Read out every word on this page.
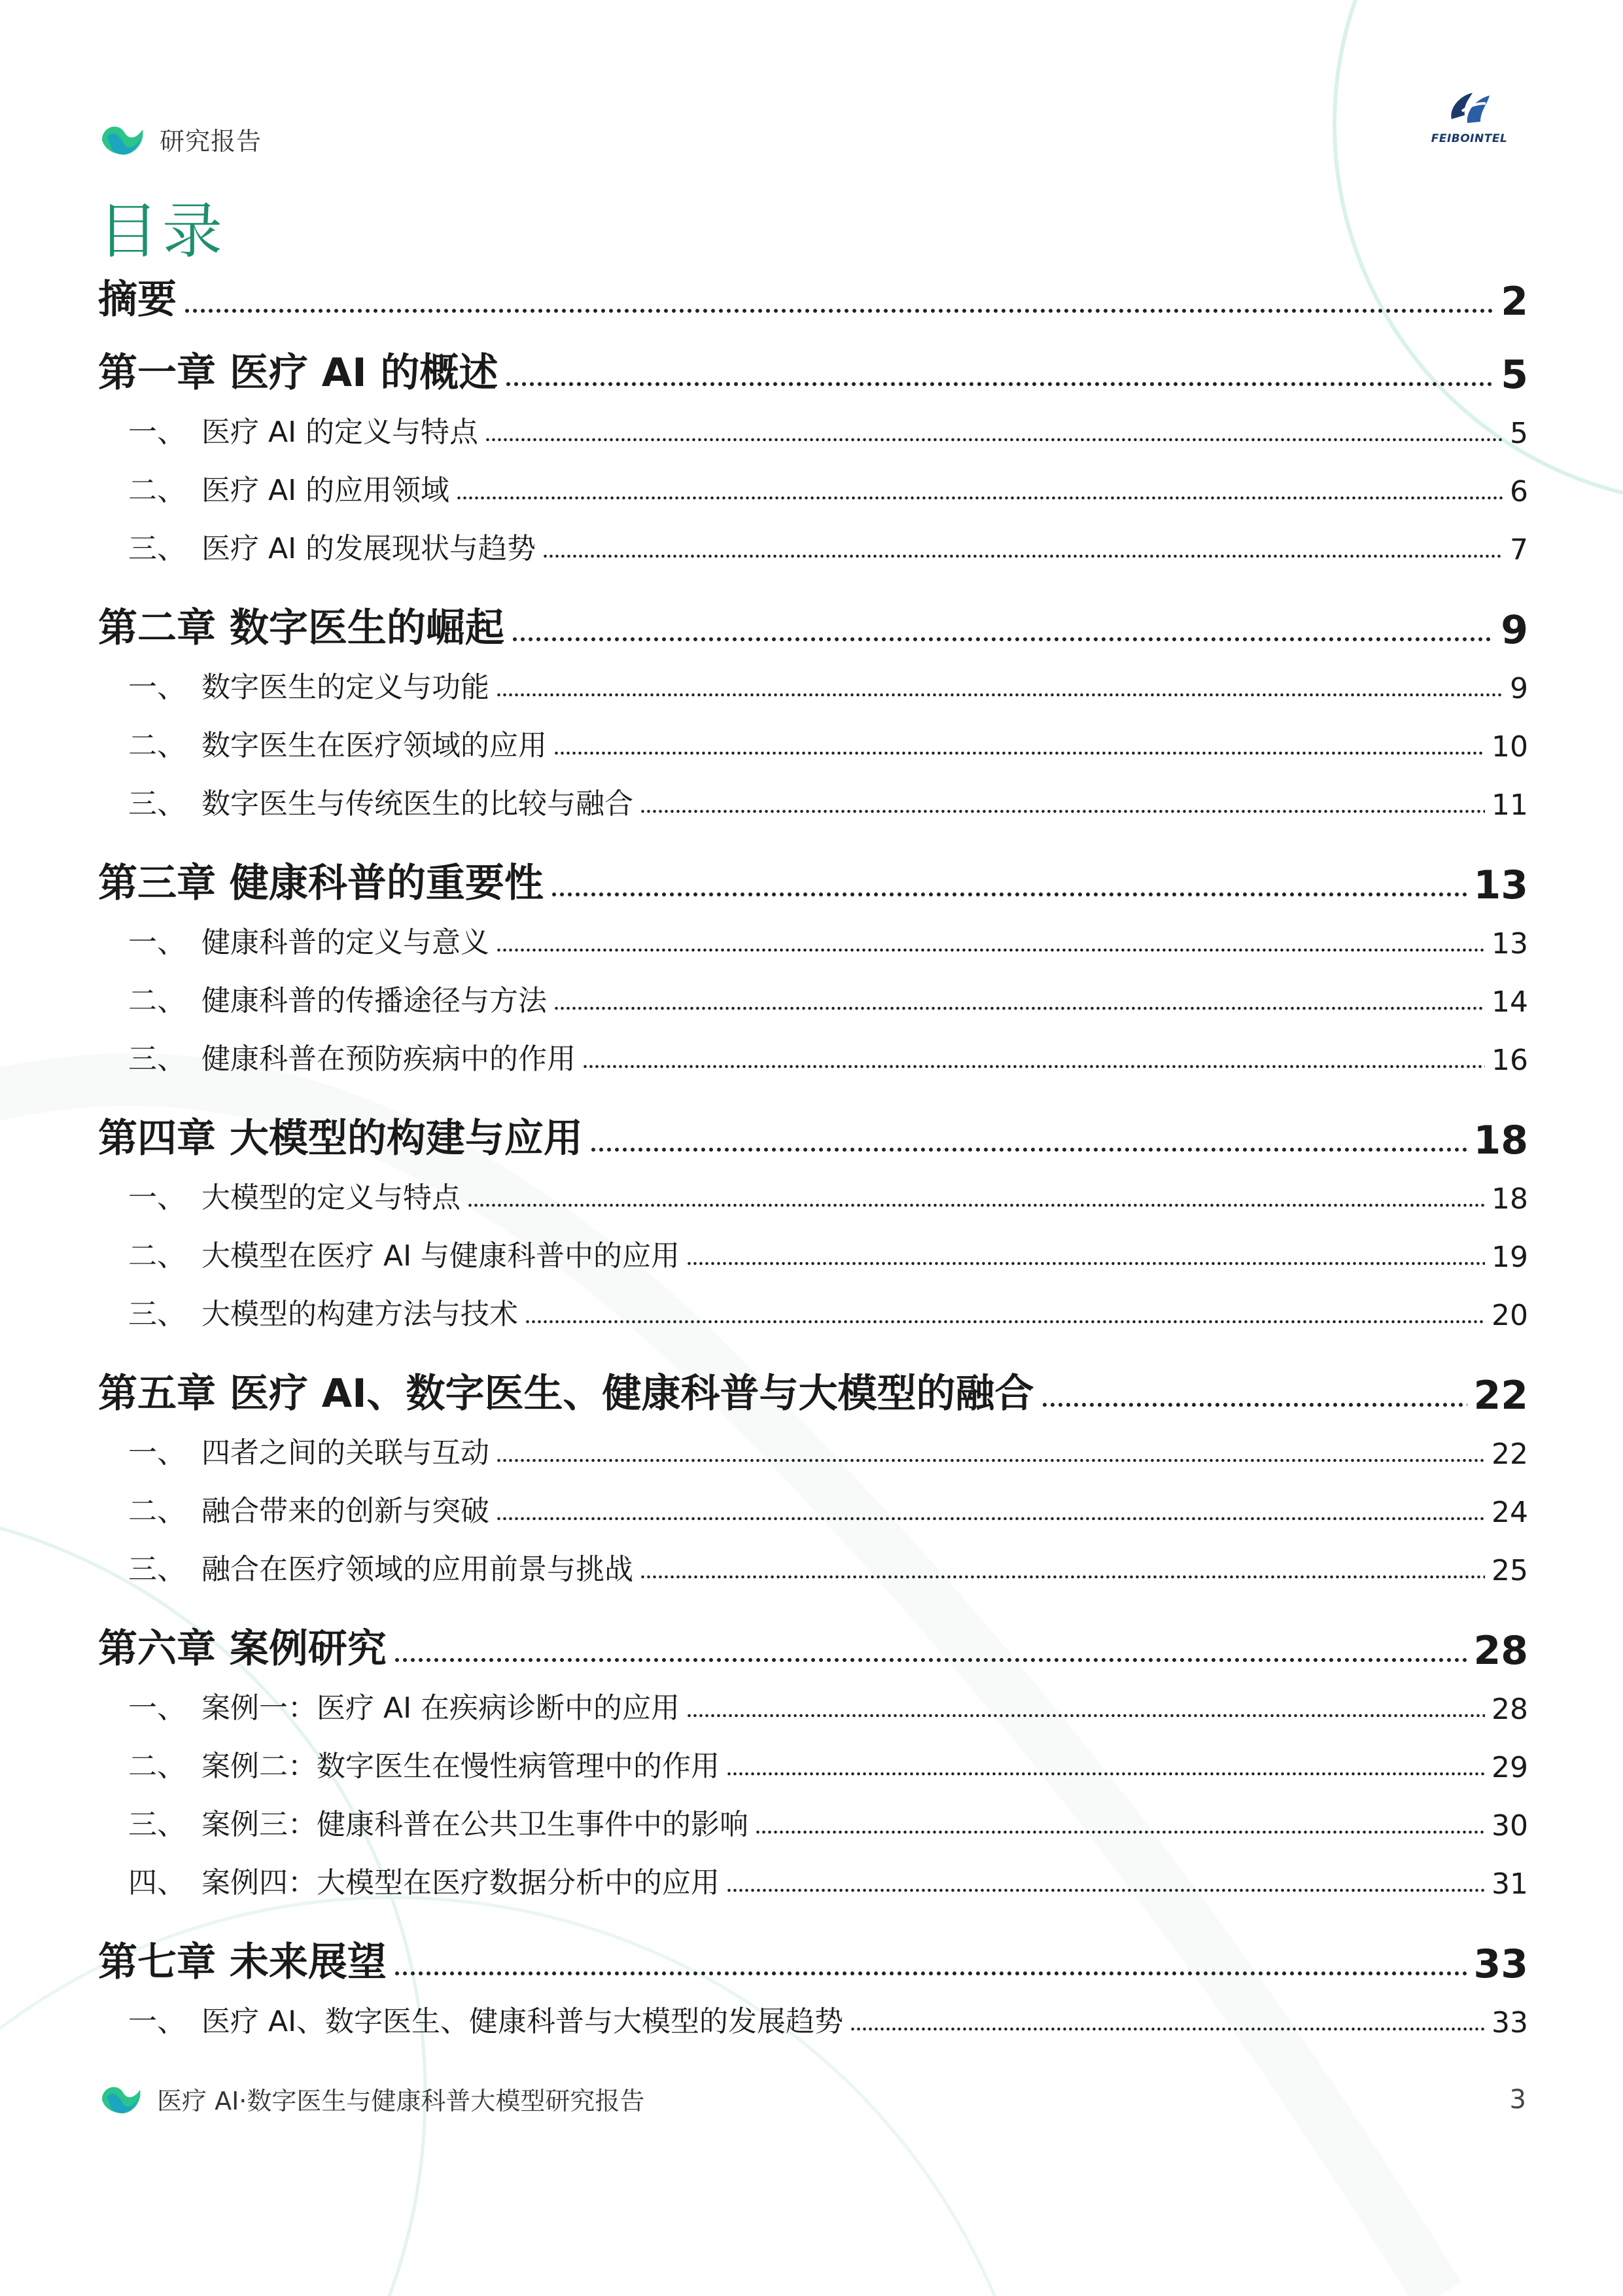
研究报告	FEIBOINTEL
目录
摘要	2
第一章 医疗 AI 的概述	5
一、 医疗 AI 的定义与特点	5
二、 医疗 AI 的应用领域	6
三、 医疗 AI 的发展现状与趋势	7
第二章 数字医生的崛起	9
一、 数字医生的定义与功能	9
二、 数字医生在医疗领域的应用	10
三、 数字医生与传统医生的比较与融合	11
第三章 健康科普的重要性	13
一、 健康科普的定义与意义	13
二、 健康科普的传播途径与方法	14
三、 健康科普在预防疾病中的作用	16
第四章 大模型的构建与应用	18
一、 大模型的定义与特点	18
二、 大模型在医疗 AI 与健康科普中的应用	19
三、 大模型的构建方法与技术	20
第五章 医疗 AI、数字医生、健康科普与大模型的融合	22
一、 四者之间的关联与互动	22
二、 融合带来的创新与突破	24
三、 融合在医疗领域的应用前景与挑战	25
第六章 案例研究	28
一、 案例一：医疗 AI 在疾病诊断中的应用	28
二、 案例二：数字医生在慢性病管理中的作用	29
三、 案例三：健康科普在公共卫生事件中的影响	30
四、 案例四：大模型在医疗数据分析中的应用	31
第七章 未来展望	33
一、 医疗 AI、数字医生、健康科普与大模型的发展趋势	33
医疗 AI·数字医生与健康科普大模型研究报告	3
